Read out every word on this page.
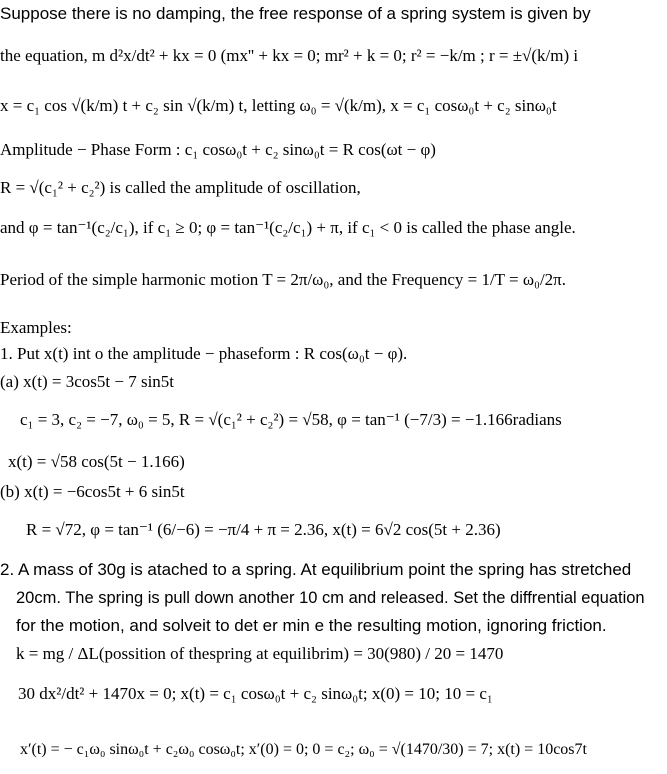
Suppose there is no damping, the free response of a spring system is given by
the equation, m d²x/dt² + kx = 0 (mx'' + kx = 0; mr² + k = 0; r² = −k/m ; r = ±√(k/m) i
x = c₁ cos √(k/m) t + c₂ sin √(k/m) t, letting ω₀ = √(k/m), x = c₁ cosω₀t + c₂ sinω₀t
Amplitude − Phase Form : c₁ cosω₀t + c₂ sinω₀t = R cos(ωt − φ)
R = √(c₁² + c₂²) is called the amplitude of oscillation,
and φ = tan⁻¹(c₂/c₁), if c₁ ≥ 0; φ = tan⁻¹(c₂/c₁) + π, if c₁ < 0 is called the phase angle.
Period of the simple harmonic motion T = 2π/ω₀, and the Frequency = 1/T = ω₀/2π.
Examples:
1. Put x(t) int o the amplitude − phaseform : R cos(ω₀t − φ).
(a) x(t) = 3cos5t − 7 sin5t
c₁ = 3, c₂ = −7, ω₀ = 5, R = √(c₁² + c₂²) = √58, φ = tan⁻¹ (−7/3) = −1.166radians
x(t) = √58 cos(5t − 1.166)
(b) x(t) = −6cos5t + 6 sin5t
R = √72, φ = tan⁻¹ (6/−6) = −π/4 + π = 2.36, x(t) = 6√2 cos(5t + 2.36)
2. A mass of 30g is atached to a spring. At equilibrium point the spring has stretched
20cm. The spring is pull down another 10 cm and released. Set the diffrential equation
for the motion, and solveit to det er min e the resulting motion, ignoring friction.
k = mg / ΔL(possition of thespring at equilibrim) = 30(980) / 20 = 1470
30 dx²/dt² + 1470x = 0; x(t) = c₁ cosω₀t + c₂ sinω₀t; x(0) = 10; 10 = c₁
x′(t) = − c₁ω₀ sinω₀t + c₂ω₀ cosω₀t; x′(0) = 0; 0 = c₂; ω₀ = √(1470/30) = 7; x(t) = 10cos7t
